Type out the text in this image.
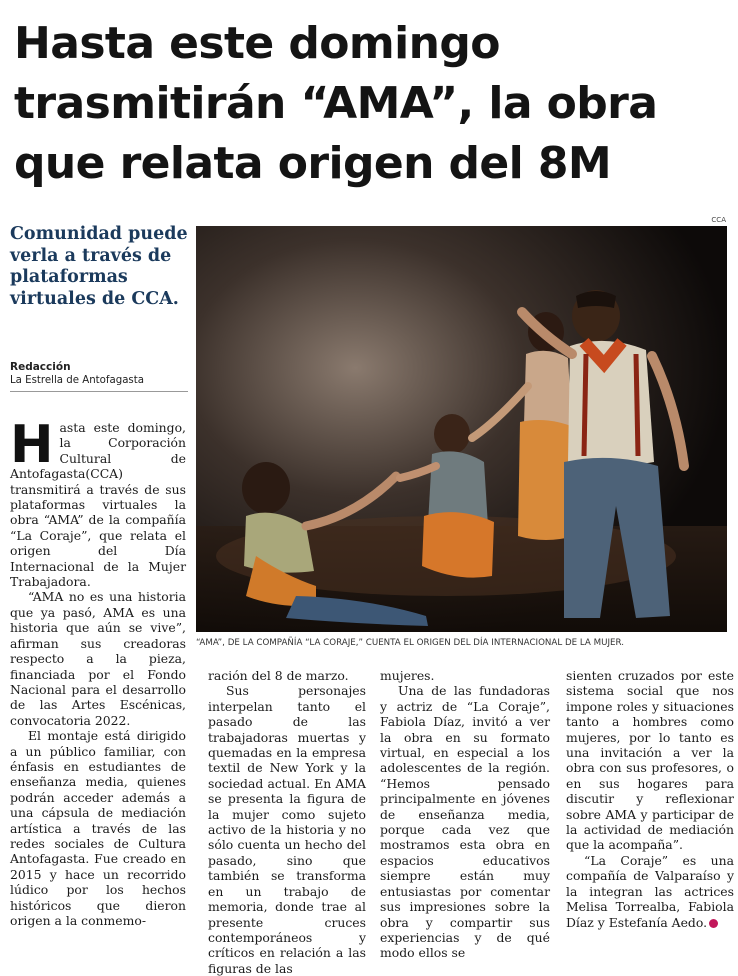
Hasta este domingo trasmitirán “AMA”, la obra que relata origen del 8M
CCA
“AMA”, DE LA COMPAÑÍA “LA CORAJE,” CUENTA EL ORIGEN DEL DÍA INTERNACIONAL DE LA MUJER.
Comunidad puede verla a través de plataformas virtuales de CCA.
Redacción
La Estrella de Antofagasta

Hasta este domingo, la Corporación Cultural de Antofagasta(CCA) transmitirá a través de sus plataformas virtuales la obra “AMA” de la compañía “La Coraje”, que relata el origen del Día Internacional de la Mujer Trabajadora.

“AMA no es una historia que ya pasó, AMA es una historia que aún se vive”, afirman sus creadoras respecto a la pieza, financiada por el Fondo Nacional para el desarrollo de las Artes Escénicas, convocatoria 2022.

El montaje está dirigido a un público familiar, con énfasis en estudiantes de enseñanza media, quienes podrán acceder además a una cápsula de mediación artística a través de las redes sociales de Cultura Antofagasta. Fue creado en 2015 y hace un recorrido lúdico por los hechos históricos que dieron origen a la conmemo-

ración del 8 de marzo.

Sus personajes interpelan tanto el pasado de las trabajadoras muertas y quemadas en la empresa textil de New York y la sociedad actual. En AMA se presenta la figura de la mujer como sujeto activo de la historia y no sólo cuenta un hecho del pasado, sino que también se transforma en un trabajo de memoria, donde trae al presente cruces contemporáneos y críticos en relación a las figuras de las

mujeres.

Una de las fundadoras y actriz de “La Coraje”, Fabiola Díaz, invitó a ver la obra en su formato virtual, en especial a los adolescentes de la región. “Hemos pensado principalmente en jóvenes de enseñanza media, porque cada vez que mostramos esta obra en espacios educativos siempre están muy entusiastas por comentar sus impresiones sobre la obra y compartir sus experiencias y de qué modo ellos se

sienten cruzados por este sistema social que nos impone roles y situaciones tanto a hombres como mujeres, por lo tanto es una invitación a ver la obra con sus profesores, o en sus hogares para discutir y reflexionar sobre AMA y participar de la actividad de mediación que la acompaña”.

“La Coraje” es una compañía de Valparaíso y la integran las actrices Melisa Torrealba, Fabiola Díaz y Estefanía Aedo.
